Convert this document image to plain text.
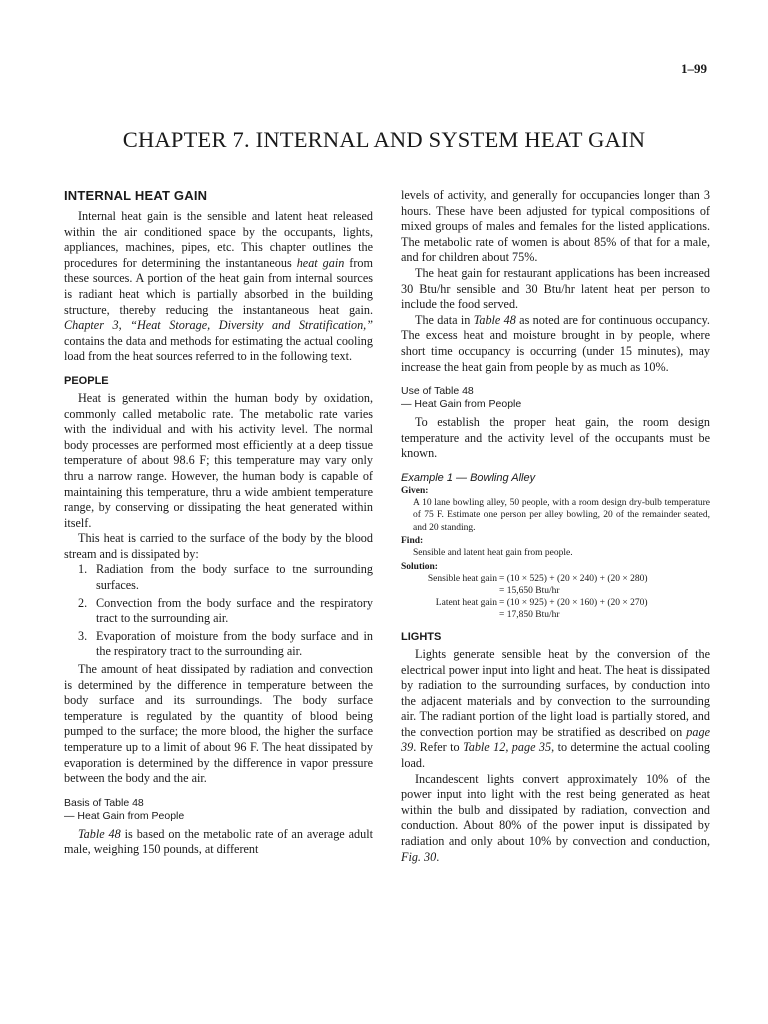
1–99
CHAPTER 7. INTERNAL AND SYSTEM HEAT GAIN
INTERNAL HEAT GAIN

Internal heat gain is the sensible and latent heat released within the air conditioned space by the occupants, lights, appliances, machines, pipes, etc. This chapter outlines the procedures for determining the instantaneous heat gain from these sources. A portion of the heat gain from internal sources is radiant heat which is partially absorbed in the building structure, thereby reducing the instantaneous heat gain. Chapter 3, “Heat Storage, Diversity and Stratification,” contains the data and methods for estimating the actual cooling load from the heat sources referred to in the following text.

PEOPLE

Heat is generated within the human body by oxidation, commonly called metabolic rate. The metabolic rate varies with the individual and with his activity level. The normal body processes are performed most efficiently at a deep tissue temperature of about 98.6 F; this temperature may vary only thru a narrow range. However, the human body is capable of maintaining this temperature, thru a wide ambient temperature range, by conserving or dissipating the heat generated within itself.

This heat is carried to the surface of the body by the blood stream and is dissipated by:

1. Radiation from the body surface to tne surrounding surfaces.
2. Convection from the body surface and the respiratory tract to the surrounding air.
3. Evaporation of moisture from the body surface and in the respiratory tract to the surrounding air.

The amount of heat dissipated by radiation and convection is determined by the difference in temperature between the body surface and its surroundings. The body surface temperature is regulated by the quantity of blood being pumped to the surface; the more blood, the higher the surface temperature up to a limit of about 96 F. The heat dissipated by evaporation is determined by the difference in vapor pressure between the body and the air.

Basis of Table 48
— Heat Gain from People

Table 48 is based on the metabolic rate of an average adult male, weighing 150 pounds, at different

levels of activity, and generally for occupancies longer than 3 hours. These have been adjusted for typical compositions of mixed groups of males and females for the listed applications. The metabolic rate of women is about 85% of that for a male, and for children about 75%.

The heat gain for restaurant applications has been increased 30 Btu/hr sensible and 30 Btu/hr latent heat per person to include the food served.

The data in Table 48 as noted are for continuous occupancy. The excess heat and moisture brought in by people, where short time occupancy is occurring (under 15 minutes), may increase the heat gain from people by as much as 10%.

Use of Table 48
— Heat Gain from People

To establish the proper heat gain, the room design temperature and the activity level of the occupants must be known.

Example 1 — Bowling Alley
Given:
A 10 lane bowling alley, 50 people, with a room design dry-bulb temperature of 75 F. Estimate one person per alley bowling, 20 of the remainder seated, and 20 standing.
Find:
Sensible and latent heat gain from people.
Solution:
Sensible heat gain = (10 × 525) + (20 × 240) + (20 × 280)
= 15,650 Btu/hr
Latent heat gain = (10 × 925) + (20 × 160) + (20 × 270)
= 17,850 Btu/hr
LIGHTS

Lights generate sensible heat by the conversion of the electrical power input into light and heat. The heat is dissipated by radiation to the surrounding surfaces, by conduction into the adjacent materials and by convection to the surrounding air. The radiant portion of the light load is partially stored, and the convection portion may be stratified as described on page 39. Refer to Table 12, page 35, to determine the actual cooling load.

Incandescent lights convert approximately 10% of the power input into light with the rest being generated as heat within the bulb and dissipated by radiation, convection and conduction. About 80% of the power input is dissipated by radiation and only about 10% by convection and conduction, Fig. 30.
